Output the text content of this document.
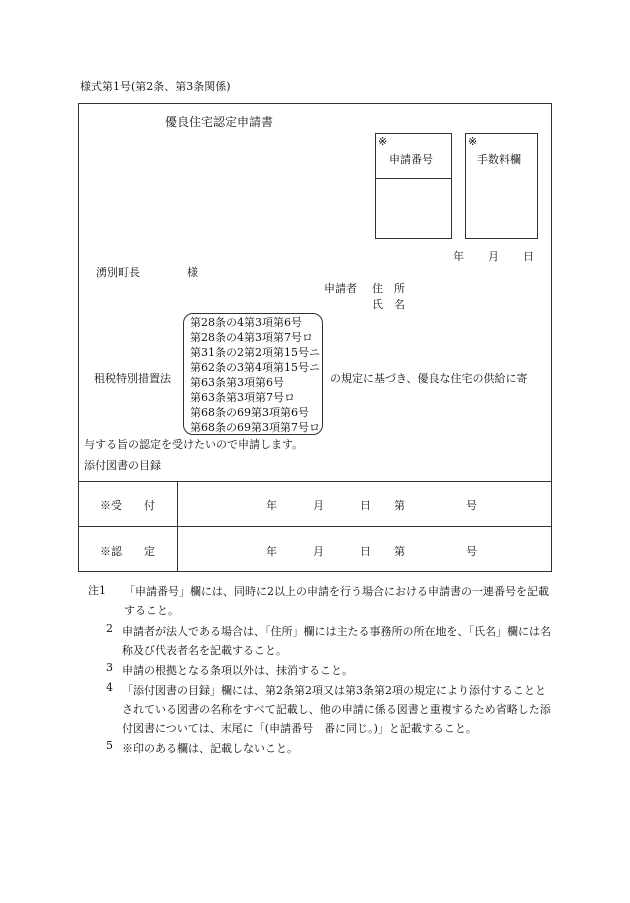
様式第1号(第2条、第3条関係)
優良住宅認定申請書
※
申請番号
※
手数料欄
年 月 日
湧別町長	様
申請者 住　所
氏　名
租税特別措置法
第28条の4第3項第6号
第28条の4第3項第7号ロ
第31条の2第2項第15号ニ
第62条の3第4項第15号ニ
第63条第3項第6号
第63条第3項第7号ロ
第68条の69第3項第6号
第68条の69第3項第7号ロ
の規定に基づき、優良な住宅の供給に寄
与する旨の認定を受けたいので申請します。
添付図書の目録
※受　　付	年	月	日 第	号
※認　　定	年	月	日 第	号
注1 「申請番号」欄には、同時に2以上の申請を行う場合における申請書の一連番号を記載すること。
2 申請者が法人である場合は、「住所」欄には主たる事務所の所在地を、「氏名」欄には名称及び代表者名を記載すること。
3 申請の根拠となる条項以外は、抹消すること。
4 「添付図書の目録」欄には、第2条第2項又は第3条第2項の規定により添付することとされている図書の名称をすべて記載し、他の申請に係る図書と重複するため省略した添付図書については、末尾に「(申請番号　番に同じ。)」と記載すること。
5 ※印のある欄は、記載しないこと。
